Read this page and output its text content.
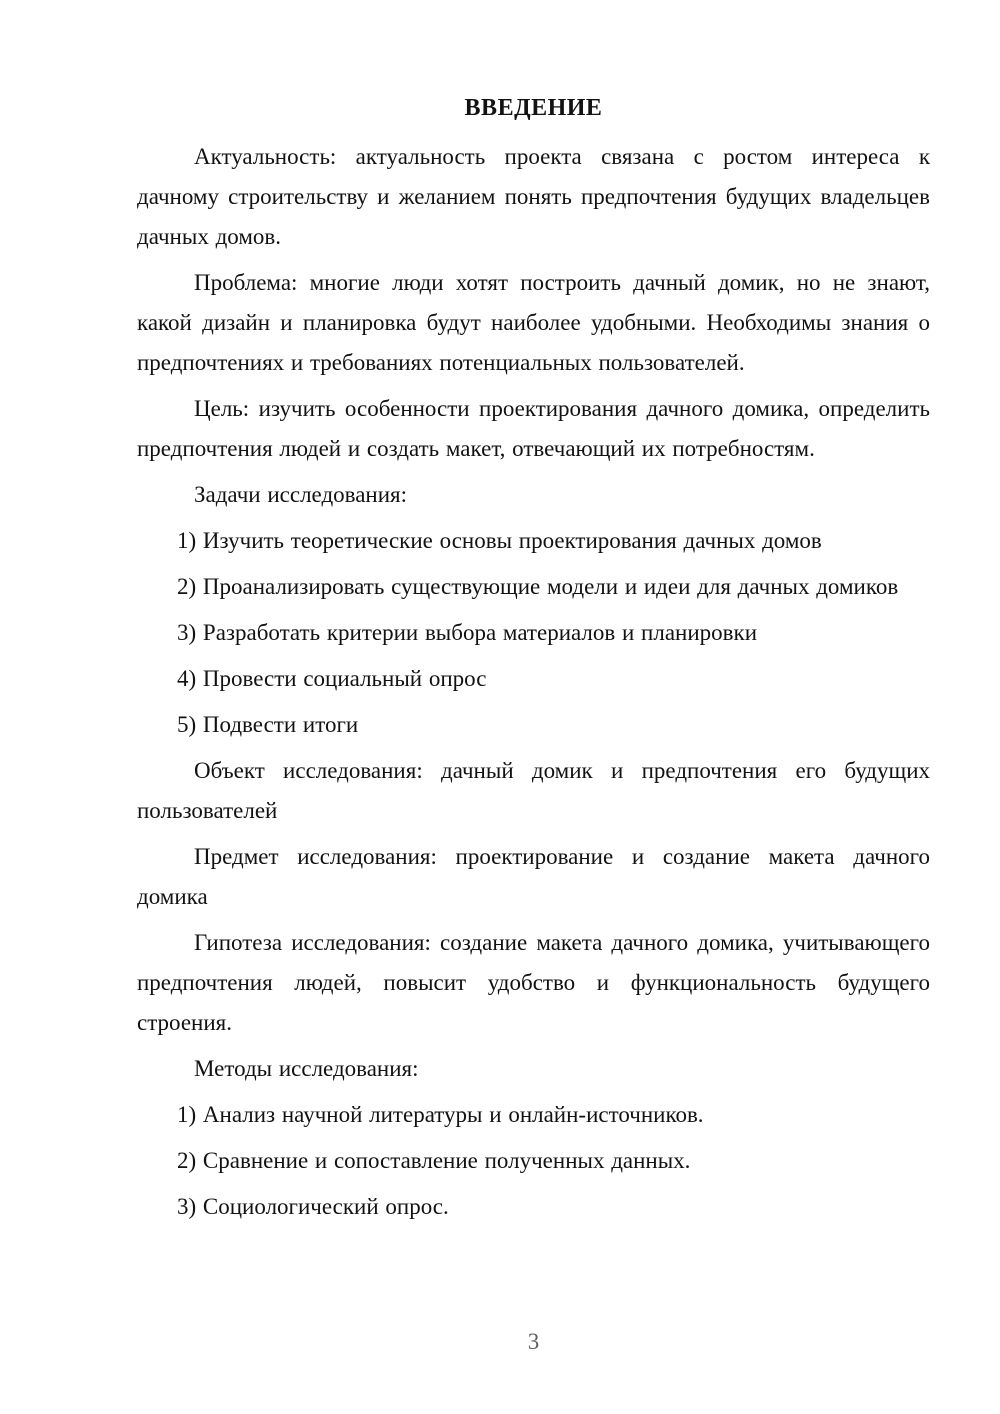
ВВЕДЕНИЕ

Актуальность: актуальность проекта связана с ростом интереса к дачному строительству и желанием понять предпочтения будущих владельцев дачных домов.

Проблема: многие люди хотят построить дачный домик, но не знают, какой дизайн и планировка будут наиболее удобными. Необходимы знания о предпочтениях и требованиях потенциальных пользователей.

Цель: изучить особенности проектирования дачного домика, определить предпочтения людей и создать макет, отвечающий их потребностям.

Задачи исследования:

1) Изучить теоретические основы проектирования дачных домов

2) Проанализировать существующие модели и идеи для дачных домиков

3) Разработать критерии выбора материалов и планировки

4) Провести социальный опрос

5) Подвести итоги

Объект исследования: дачный домик и предпочтения его будущих пользователей

Предмет исследования: проектирование и создание макета дачного домика

Гипотеза исследования: создание макета дачного домика, учитывающего предпочтения людей, повысит удобство и функциональность будущего строения.

Методы исследования:

1) Анализ научной литературы и онлайн-источников.

2) Сравнение и сопоставление полученных данных.

3) Социологический опрос.

3
